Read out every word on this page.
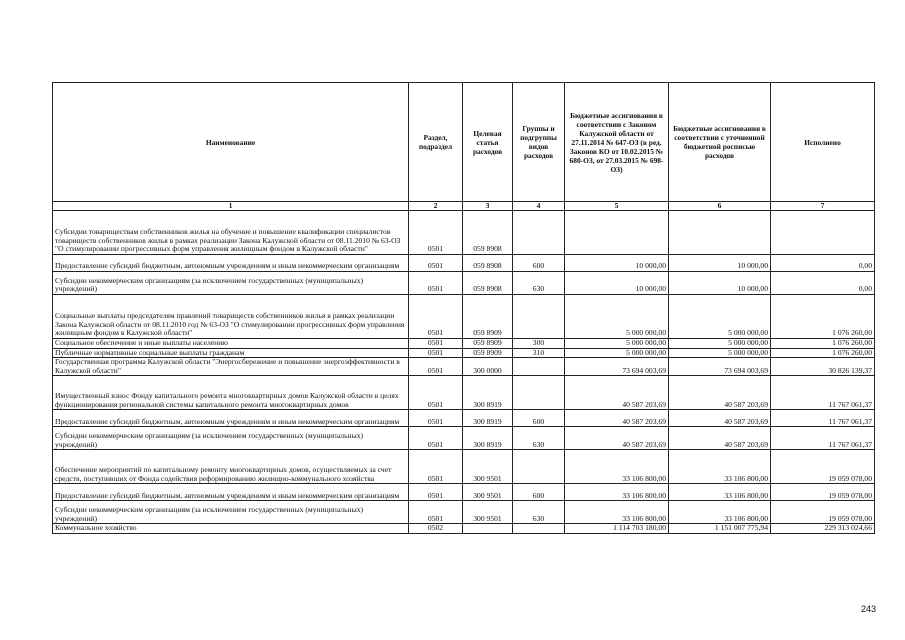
Наименование	Раздел, подраздел	Целевая статья расходов	Группы и подгруппы видов расходов	Бюджетные ассигнования в соответствии с Законом Калужской области от 27.11.2014 № 647-ОЗ (в ред. Законов КО от 10.02.2015 № 680-ОЗ, от 27.03.2015 № 698-ОЗ)	Бюджетные ассигнования в соответствии с уточненной бюджетной росписью расходов	Исполнено
1	2	3	4	5	6	7
Субсидии товариществам собственников жилья на обучение и повышение квалификации специалистов товариществ собственников жилья в рамках реализации Закона Калужской области от 08.11.2010 № 63-ОЗ "О стимулировании прогрессивных форм управления жилищным фондом в Калужской области"	0501	059 8908				
Предоставление субсидий бюджетным, автономным учреждениям и иным некоммерческим организациям	0501	059 8908	600	10 000,00	10 000,00	0,00
Субсидии некоммерческим организациям (за исключением государственных (муниципальных) учреждений)	0501	059 8908	630	10 000,00	10 000,00	0,00
Социальные выплаты председателям правлений товариществ собственников жилья в рамках реализации Закона Калужской области от 08.11.2010 год № 63-ОЗ "О стимулировании прогрессивных форм управления жилищным фондом в Калужской области"	0501	059 8909		5 000 000,00	5 000 000,00	1 076 260,00
Социальное обеспечение и иные выплаты населению	0501	059 8909	300	5 000 000,00	5 000 000,00	1 076 260,00
Публичные нормативные социальные выплаты гражданам	0501	059 8909	310	5 000 000,00	5 000 000,00	1 076 260,00
Государственная программа Калужской области "Энергосбережение и повышение энергоэффективности в Калужской области"	0501	300 0000		73 694 003,69	73 694 003,69	30 826 139,37
Имущественный взнос Фонду капитального ремонта многоквартирных домов Калужской области в целях функционирования региональной системы капитального ремонта многоквартирных домов	0501	300 8919		40 587 203,69	40 587 203,69	11 767 061,37
Предоставление субсидий бюджетным, автономным учреждениям и иным некоммерческим организациям	0501	300 8919	600	40 587 203,69	40 587 203,69	11 767 061,37
Субсидии некоммерческим организациям (за исключением государственных (муниципальных) учреждений)	0501	300 8919	630	40 587 203,69	40 587 203,69	11 767 061,37
Обеспечение мероприятий по капитальному ремонту многоквартирных домов, осуществляемых за счет средств, поступивших от Фонда содействия реформированию жилищно-коммунального хозяйства	0501	300 9501		33 106 800,00	33 106 800,00	19 059 078,00
Предоставление субсидий бюджетным, автономным учреждениям и иным некоммерческим организациям	0501	300 9501	600	33 106 800,00	33 106 800,00	19 059 078,00
Субсидии некоммерческим организациям (за исключением государственных (муниципальных) учреждений)	0501	300 9501	630	33 106 800,00	33 106 800,00	19 059 078,00
Коммунальное хозяйство	0502			1 114 703 180,00	1 151 007 775,94	229 313 024,66
243
